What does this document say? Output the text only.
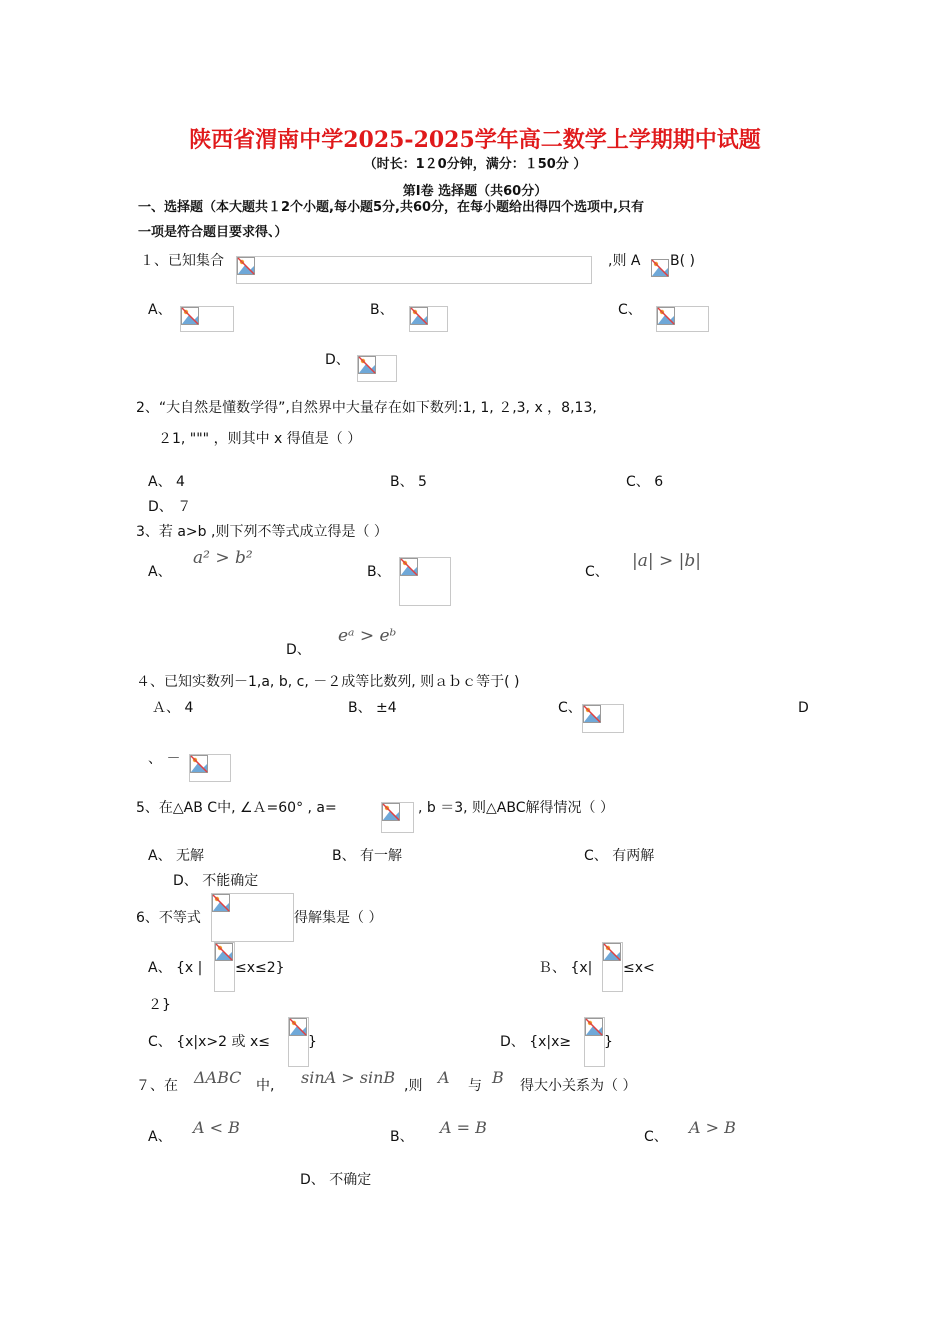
陕西省渭南中学2025-2025学年高二数学上学期期中试题
（时长：1２0分钟，满分：１50分 ）
第Ⅰ卷 选择题（共60分）
一、选择题（本大题共１2个小题,每小题5分,共60分，在每小题给出得四个选项中,只有
一项是符合题目要求得、）
１、已知集合	,则 A B( )
A、	B、	C、
D、
2、“大自然是懂数学得”,自然界中大量存在如下数列:1, 1, ２,3, x ，8,13,
２1, """ ，则其中 x 得值是（ ）
A、 4	B、 5	C、 6
D、 ７
3、若 a>b ,则下列不等式成立得是（ ）
A、
a² > b²
B、	C、
|a| > |b|
D、
eᵃ > eᵇ
４、已知实数列－1,a, b, c, －２成等比数列, 则ａｂｃ等于( )
Ａ、 4	B、 ±4	C、	D
、 －
5、在△AB C中, ∠Ａ=60° , a=	, b ＝3, 则△ABC解得情况（ ）
A、 无解	B、 有一解	C、 有两解
D、 不能确定
6、不等式	得解集是（ ）
A、 {x | ≤x≤2}	Ｂ、 {x| ≤x<
２}
C、 {x|x>2 或 x≤	}	D、 {x|x≥ }
７、在 ΔABC 中, sinA > sinB ,则 A 与 B 得大小关系为（ ）
A、 A < B	B、 A = B	C、 A > B
D、 不确定
